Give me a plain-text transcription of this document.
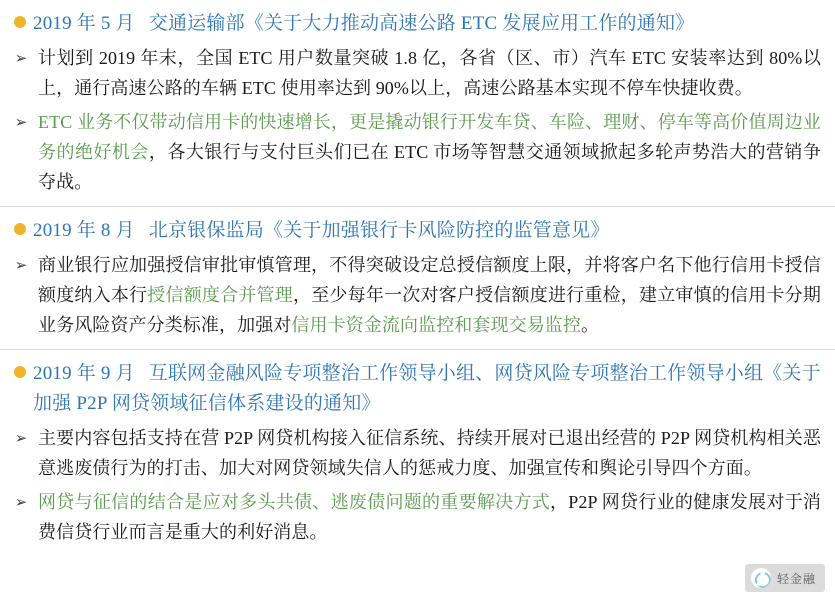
2019 年 5 月 交通运输部《关于大力推动高速公路 ETC 发展应用工作的通知》
➢ 计划到 2019 年末，全国 ETC 用户数量突破 1.8 亿，各省（区、市）汽车 ETC 安装率达到 80%以上，通行高速公路的车辆 ETC 使用率达到 90%以上，高速公路基本实现不停车快捷收费。
➢ ETC 业务不仅带动信用卡的快速增长，更是撬动银行开发车贷、车险、理财、停车等高价值周边业务的绝好机会，各大银行与支付巨头们已在 ETC 市场等智慧交通领域掀起多轮声势浩大的营销争夺战。
2019 年 8 月 北京银保监局《关于加强银行卡风险防控的监管意见》
➢ 商业银行应加强授信审批审慎管理，不得突破设定总授信额度上限，并将客户名下他行信用卡授信额度纳入本行授信额度合并管理，至少每年一次对客户授信额度进行重检，建立审慎的信用卡分期业务风险资产分类标准，加强对信用卡资金流向监控和套现交易监控。
2019 年 9 月 互联网金融风险专项整治工作领导小组、网贷风险专项整治工作领导小组《关于加强 P2P 网贷领域征信体系建设的通知》
➢ 主要内容包括支持在营 P2P 网贷机构接入征信系统、持续开展对已退出经营的 P2P 网贷机构相关恶意逃废债行为的打击、加大对网贷领域失信人的惩戒力度、加强宣传和舆论引导四个方面。
➢ 网贷与征信的结合是应对多头共债、逃废债问题的重要解决方式，P2P 网贷行业的健康发展对于消费信贷行业而言是重大的利好消息。
轻金融
